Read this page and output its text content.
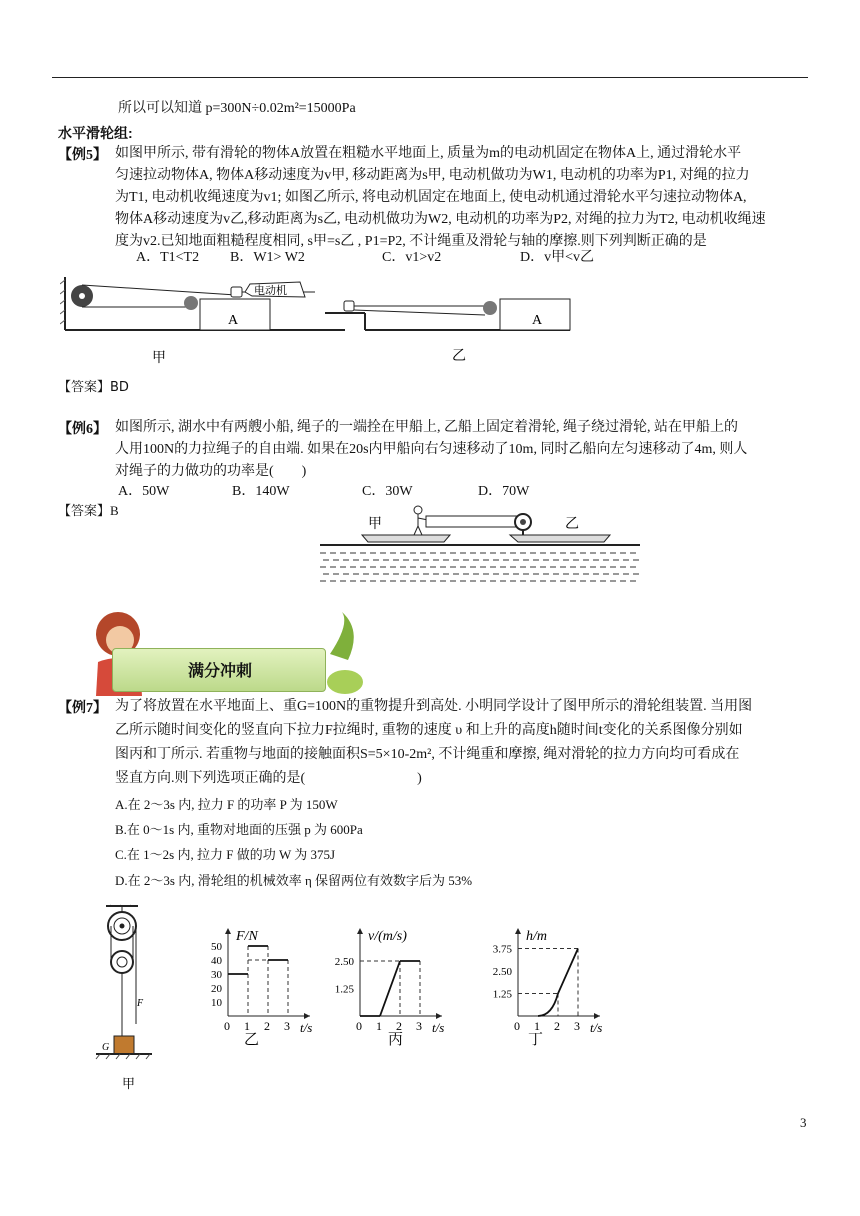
所以可以知道 p=300N÷0.02m²=15000Pa
水平滑轮组:
【例5】 如图甲所示, 带有滑轮的物体A放置在粗糙水平地面上, 质量为m的电动机固定在物体A上, 通过滑轮水平
匀速拉动物体A, 物体A移动速度为v甲, 移动距离为s甲, 电动机做功为W1, 电动机的功率为P1, 对绳的拉力
为T1, 电动机收绳速度为v1; 如图乙所示, 将电动机固定在地面上, 使电动机通过滑轮水平匀速拉动物体A,
物体A移动速度为v乙,移动距离为s乙, 电动机做功为W2, 电动机的功率为P2, 对绳的拉力为T2, 电动机收绳速
度为v2.已知地面粗糙程度相同, s甲=s乙 , P1=P2, 不计绳重及滑轮与轴的摩擦.则下列判断正确的是
A．T1<T2 B．W1> W2	C．v1>v2	D．v甲<v乙
A
甲
电动机
A
乙
【答案】BD
【例6】 如图所示, 湖水中有两艘小船, 绳子的一端拴在甲船上, 乙船上固定着滑轮, 绳子绕过滑轮, 站在甲船上的
人用100N的力拉绳子的自由端. 如果在20s内甲船向右匀速移动了10m, 同时乙船向左匀速移动了4m, 则人
对绳子的力做功的功率是(　　)
A．50W	B．140W	C．30W	D．70W
【答案】B
甲	乙
满分冲刺
【例7】 为了将放置在水平地面上、重G=100N的重物提升到高处. 小明同学设计了图甲所示的滑轮组装置. 当用图
乙所示随时间变化的竖直向下拉力F拉绳时, 重物的速度 υ 和上升的高度h随时间t变化的关系图像分别如
图丙和丁所示. 若重物与地面的接触面积S=5×10-2m², 不计绳重和摩擦, 绳对滑轮的拉力方向均可看成在
竖直方向.则下列选项正确的是(　　　　　　　　)
A.在 2～3s 内, 拉力 F 的功率 P 为 150W
B.在 0～1s 内, 重物对地面的压强 p 为 600Pa
C.在 1～2s 内, 拉力 F 做的功 W 为 375J
D.在 2～3s 内, 滑轮组的机械效率 η 保留两位有效数字后为 53%
F
G
甲
乙
F/N
t/s
0 1 2 3
10
20
30
40
50
丙
v/(m/s)
t/s
0 1 2 3
1.25
2.50
丁
h/m
t/s
0 1 2 3
1.25
2.50
3.75
3
